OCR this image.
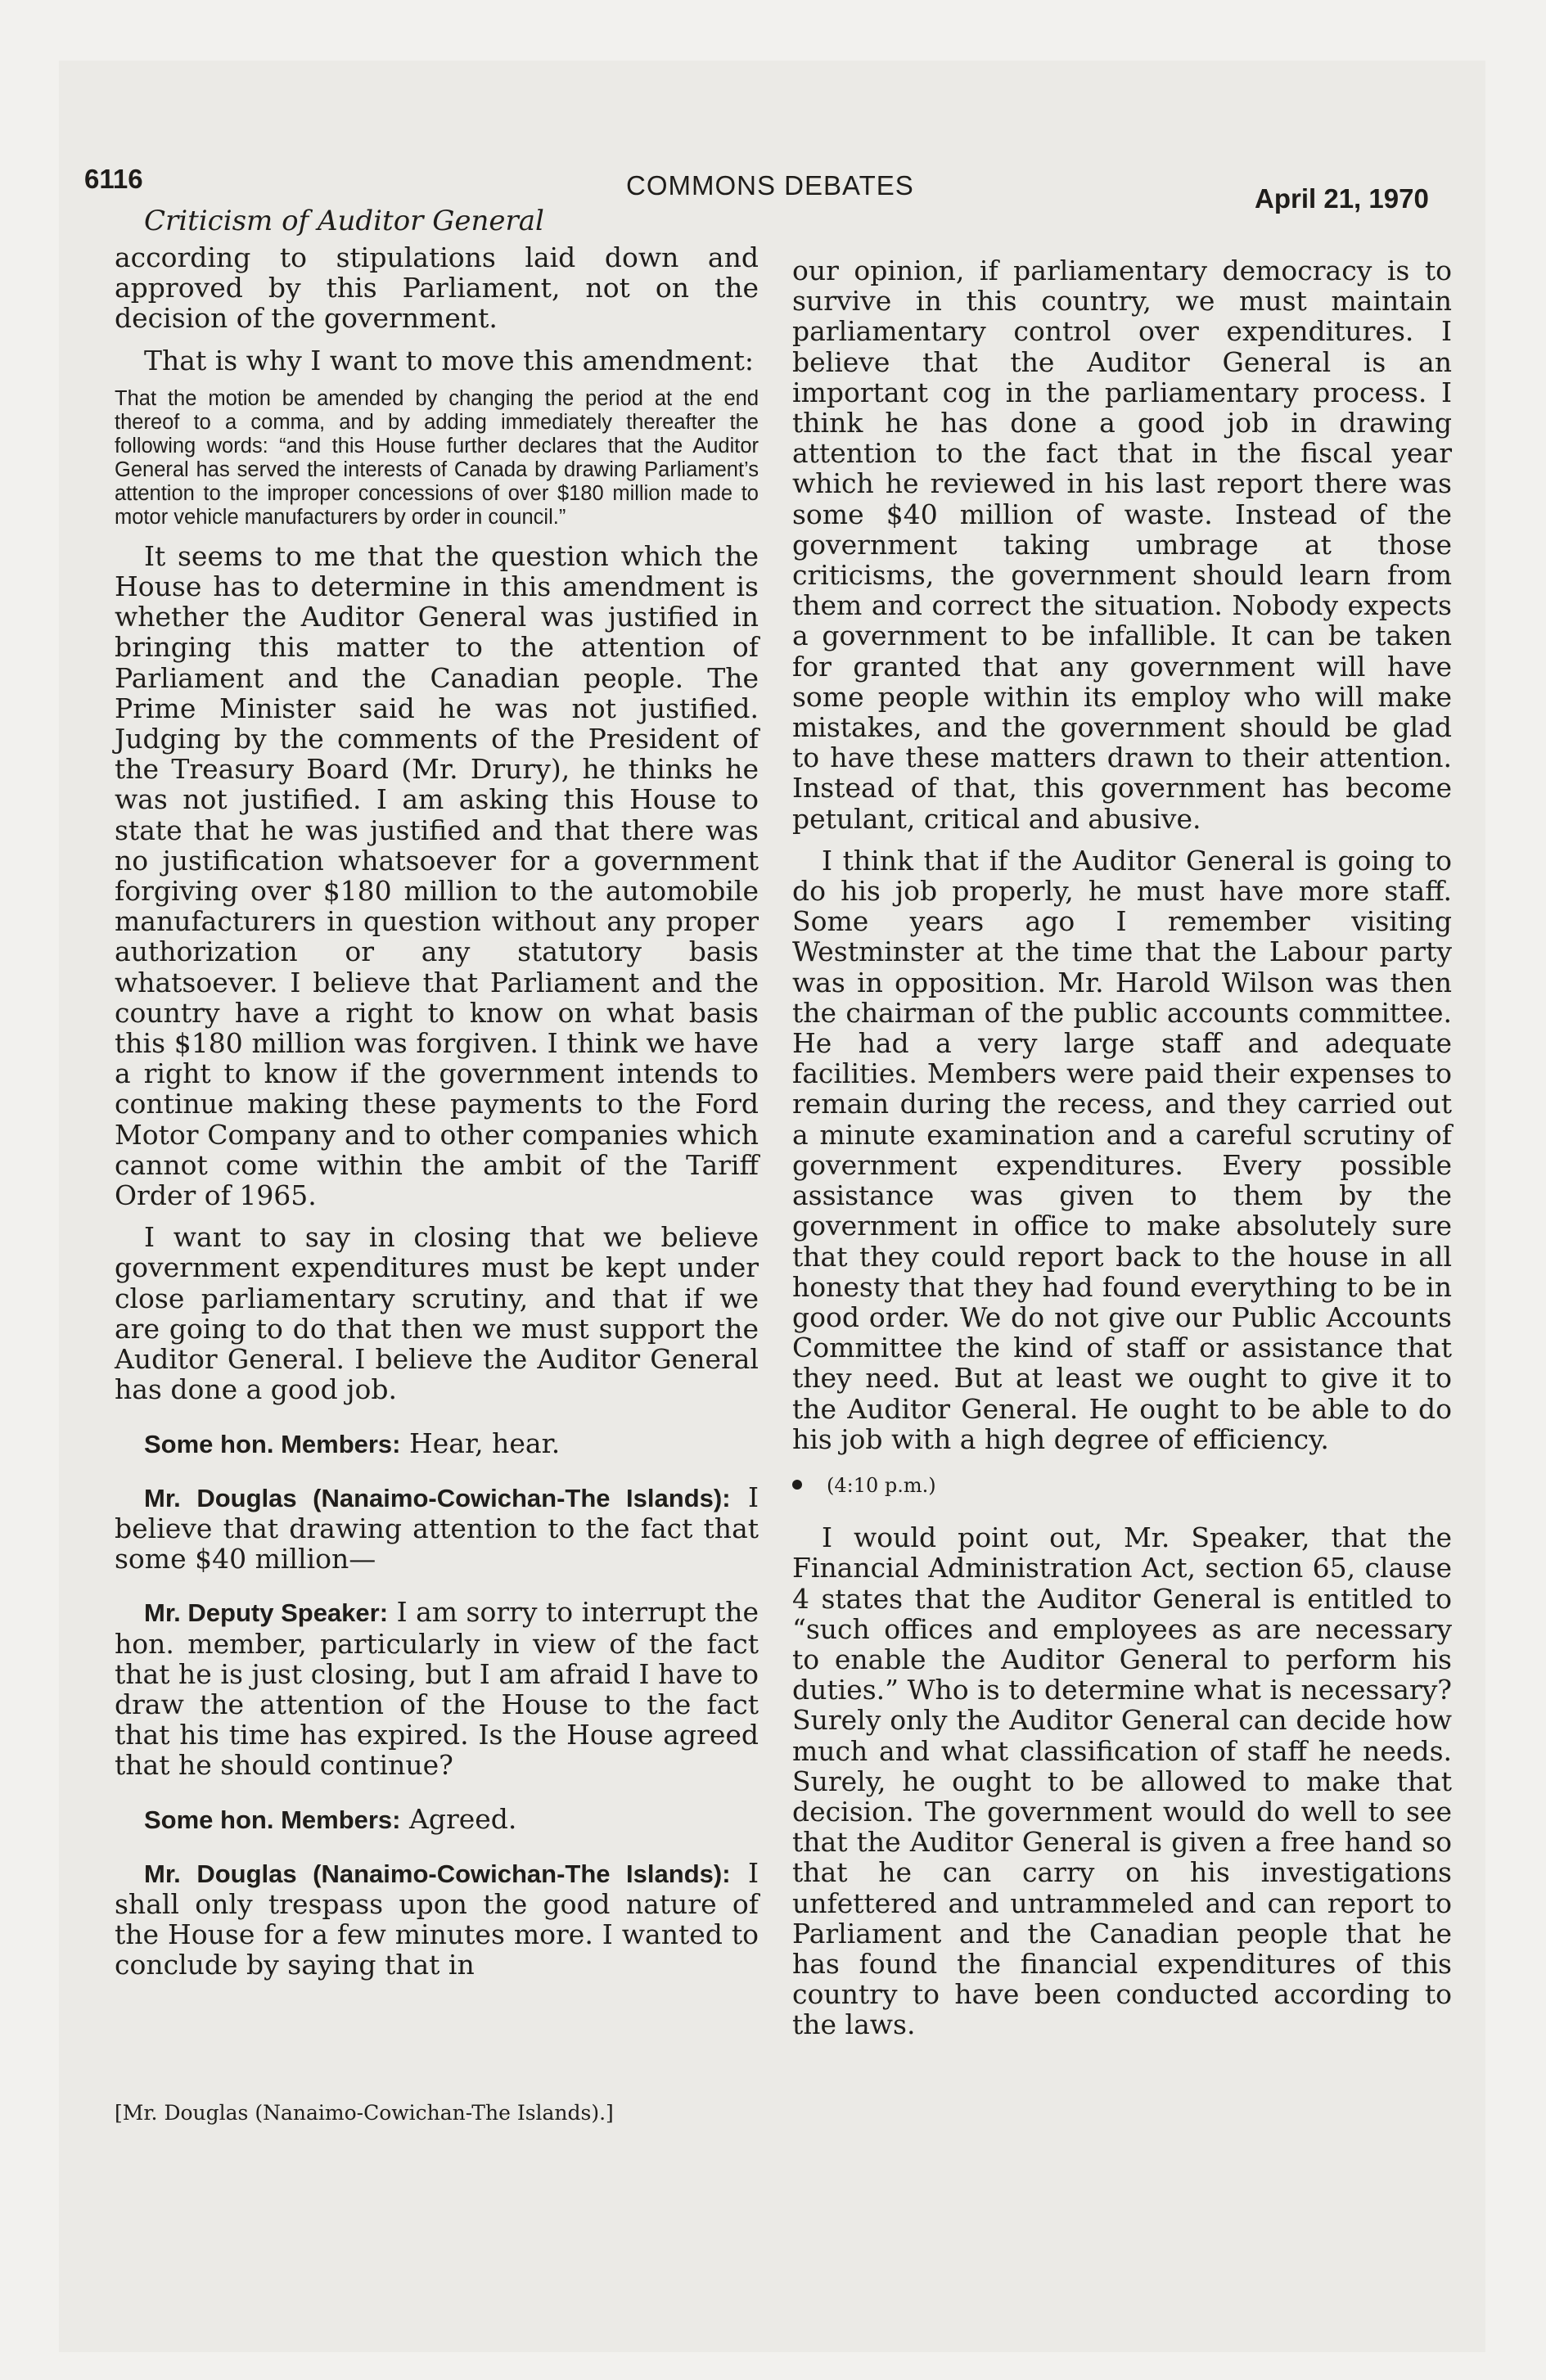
6116	COMMONS DEBATES	April 21, 1970
Criticism of Auditor General

according to stipulations laid down and approved by this Parliament, not on the decision of the government.

That is why I want to move this amendment:

That the motion be amended by changing the period at the end thereof to a comma, and by adding immediately thereafter the following words: “and this House further declares that the Auditor General has served the interests of Canada by drawing Parliament’s attention to the improper concessions of over $180 million made to motor vehicle manufacturers by order in council.”

It seems to me that the question which the House has to determine in this amendment is whether the Auditor General was justified in bringing this matter to the attention of Parliament and the Canadian people. The Prime Minister said he was not justified. Judging by the comments of the President of the Treasury Board (Mr. Drury), he thinks he was not justified. I am asking this House to state that he was justified and that there was no justification whatsoever for a government forgiving over $180 million to the automobile manufacturers in question without any proper authorization or any statutory basis whatsoever. I believe that Parliament and the country have a right to know on what basis this $180 million was forgiven. I think we have a right to know if the government intends to continue making these payments to the Ford Motor Company and to other companies which cannot come within the ambit of the Tariff Order of 1965.

I want to say in closing that we believe government expenditures must be kept under close parliamentary scrutiny, and that if we are going to do that then we must support the Auditor General. I believe the Auditor General has done a good job.

Some hon. Members: Hear, hear.

Mr. Douglas (Nanaimo-Cowichan-The Islands): I believe that drawing attention to the fact that some $40 million—

Mr. Deputy Speaker: I am sorry to interrupt the hon. member, particularly in view of the fact that he is just closing, but I am afraid I have to draw the attention of the House to the fact that his time has expired. Is the House agreed that he should continue?

Some hon. Members: Agreed.

Mr. Douglas (Nanaimo-Cowichan-The Islands): I shall only trespass upon the good nature of the House for a few minutes more. I wanted to conclude by saying that in

our opinion, if parliamentary democracy is to survive in this country, we must maintain parliamentary control over expenditures. I believe that the Auditor General is an important cog in the parliamentary process. I think he has done a good job in drawing attention to the fact that in the fiscal year which he reviewed in his last report there was some $40 million of waste. Instead of the government taking umbrage at those criticisms, the government should learn from them and correct the situation. Nobody expects a government to be infallible. It can be taken for granted that any government will have some people within its employ who will make mistakes, and the government should be glad to have these matters drawn to their attention. Instead of that, this government has become petulant, critical and abusive.

I think that if the Auditor General is going to do his job properly, he must have more staff. Some years ago I remember visiting Westminster at the time that the Labour party was in opposition. Mr. Harold Wilson was then the chairman of the public accounts committee. He had a very large staff and adequate facilities. Members were paid their expenses to remain during the recess, and they carried out a minute examination and a careful scrutiny of government expenditures. Every possible assistance was given to them by the government in office to make absolutely sure that they could report back to the house in all honesty that they had found everything to be in good order. We do not give our Public Accounts Committee the kind of staff or assistance that they need. But at least we ought to give it to the Auditor General. He ought to be able to do his job with a high degree of efficiency.

(4:10 p.m.)

I would point out, Mr. Speaker, that the Financial Administration Act, section 65, clause 4 states that the Auditor General is entitled to “such offices and employees as are necessary to enable the Auditor General to perform his duties.” Who is to determine what is necessary? Surely only the Auditor General can decide how much and what classification of staff he needs. Surely, he ought to be allowed to make that decision. The government would do well to see that the Auditor General is given a free hand so that he can carry on his investigations unfettered and untrammeled and can report to Parliament and the Canadian people that he has found the financial expenditures of this country to have been conducted according to the laws.

[Mr. Douglas (Nanaimo-Cowichan-The Islands).]
